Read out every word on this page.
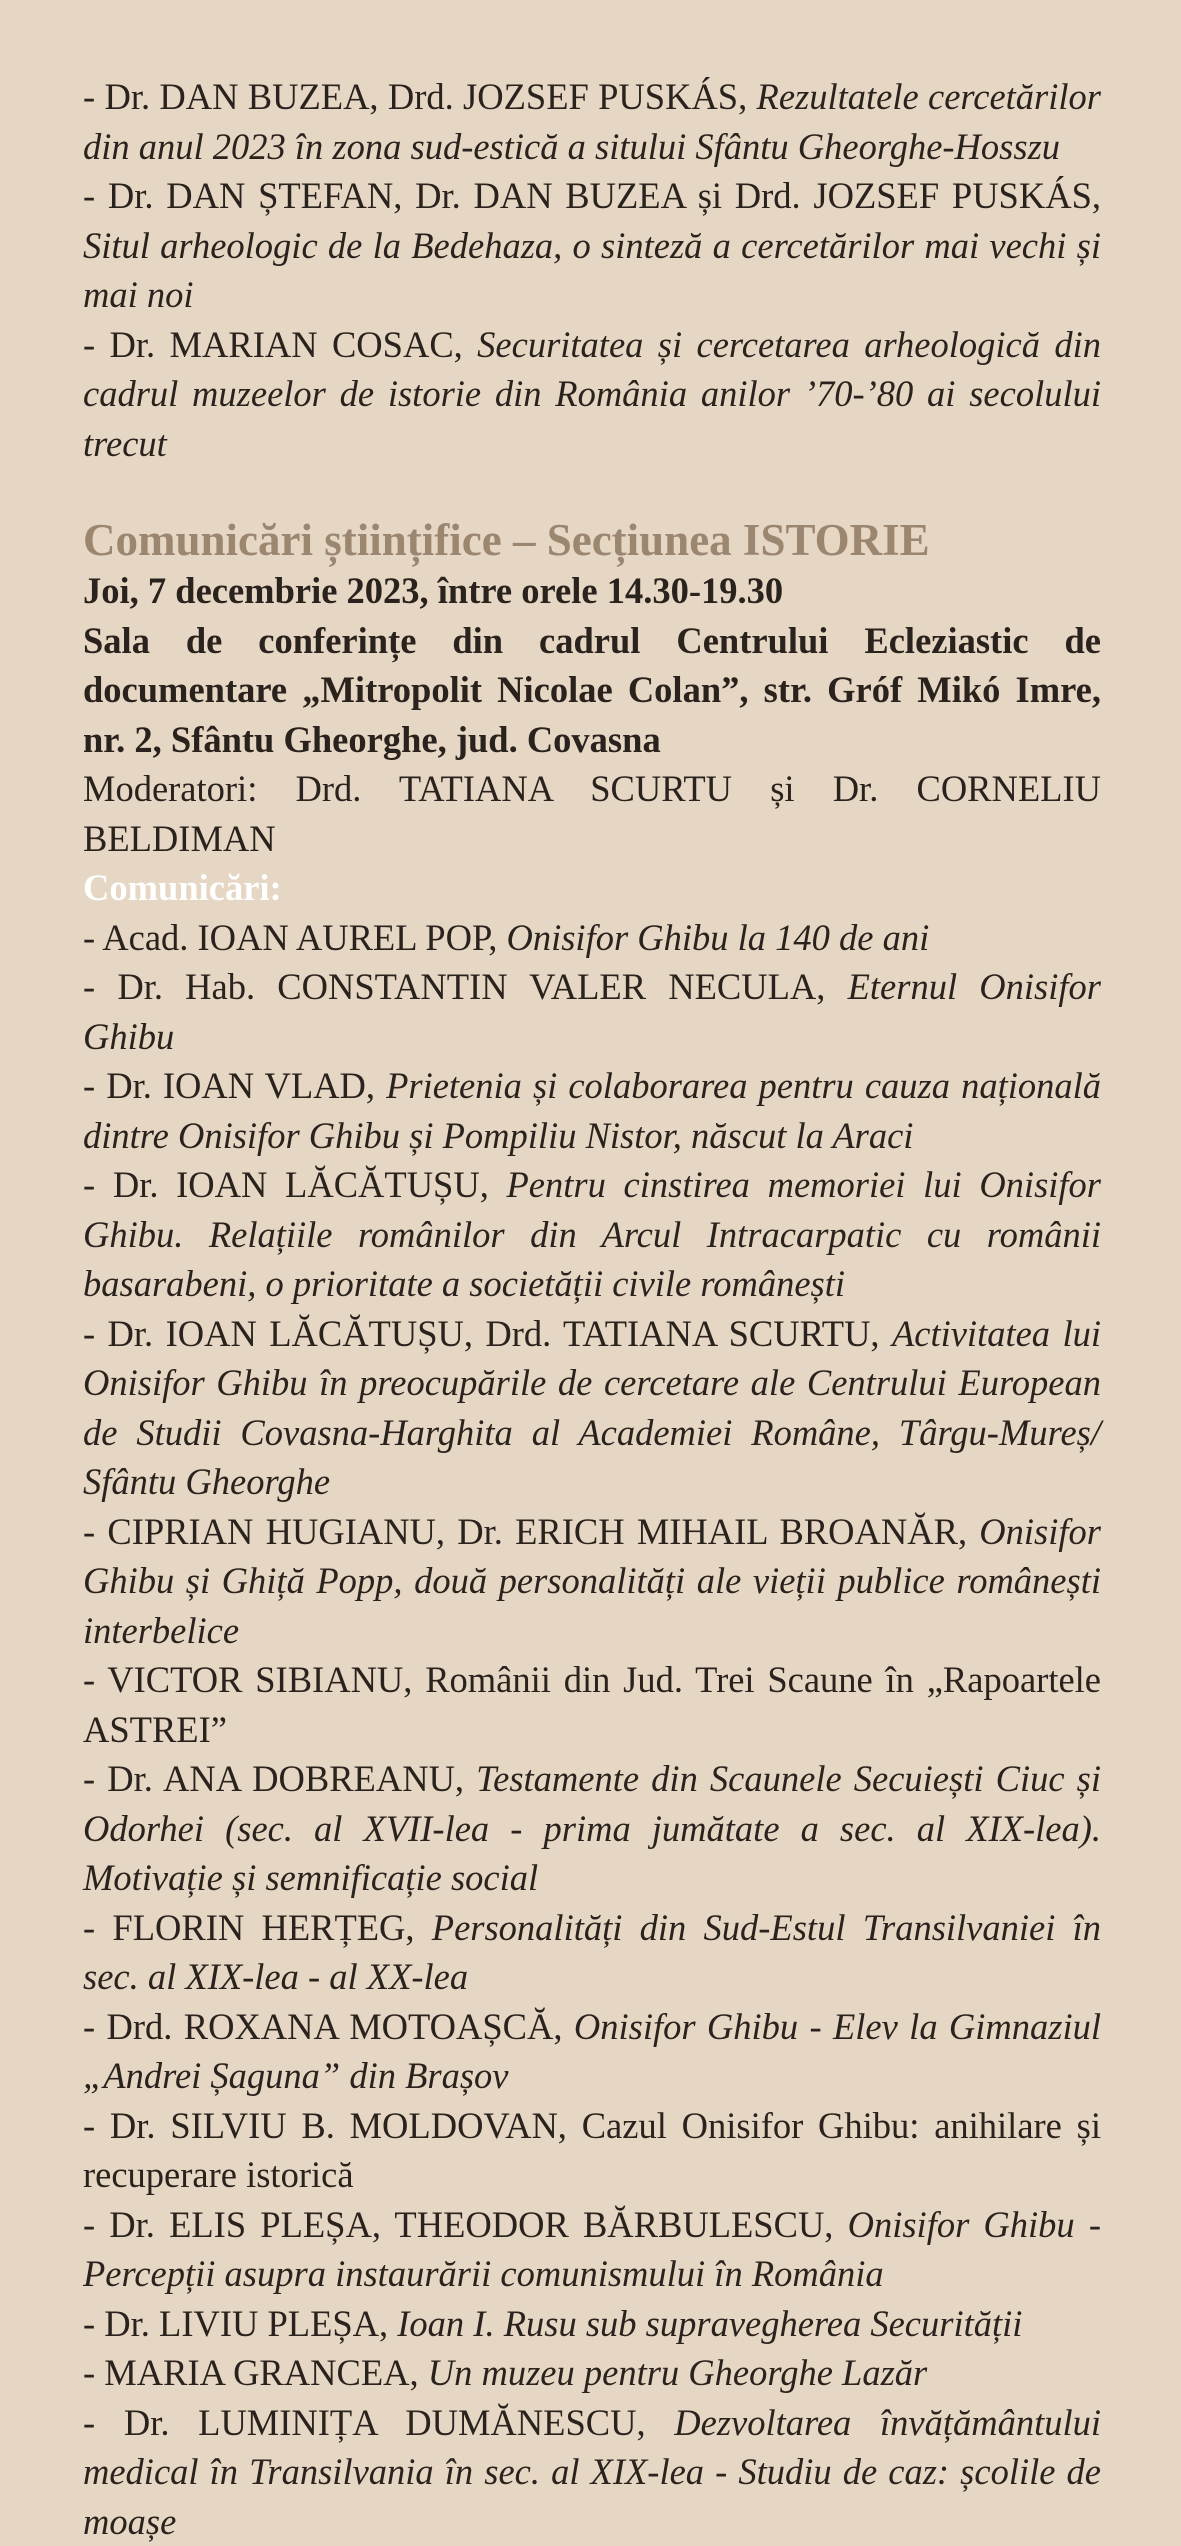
- Dr. DAN BUZEA, Drd. JOZSEF PUSKÁS, Rezultatele cercetărilor din anul 2023 în zona sud-estică a sitului Sfântu Gheorghe-Hosszu

- Dr. DAN ȘTEFAN, Dr. DAN BUZEA și Drd. JOZSEF PUSKÁS, Situl arheologic de la Bedehaza, o sinteză a cercetărilor mai vechi și mai noi

- Dr. MARIAN COSAC, Securitatea și cercetarea arheologică din cadrul muzeelor de istorie din România anilor ’70-’80 ai secolului trecut

Comunicări științifice – Secțiunea ISTORIE

Joi, 7 decembrie 2023, între orele 14.30-19.30

Sala de conferințe din cadrul Centrului Ecleziastic de documentare „Mitropolit Nicolae Colan”, str. Gróf Mikó Imre, nr. 2, Sfântu Gheorghe, jud. Covasna

Moderatori: Drd. TATIANA SCURTU și Dr. CORNELIU BELDIMAN

Comunicări:

- Acad. IOAN AUREL POP, Onisifor Ghibu la 140 de ani

- Dr. Hab. CONSTANTIN VALER NECULA, Eternul Onisifor Ghibu

- Dr. IOAN VLAD, Prietenia și colaborarea pentru cauza națională dintre Onisifor Ghibu și Pompiliu Nistor, născut la Araci

- Dr. IOAN LĂCĂTUȘU, Pentru cinstirea memoriei lui Onisifor Ghibu. Relațiile românilor din Arcul Intracarpatic cu românii basarabeni, o prioritate a societății civile românești

- Dr. IOAN LĂCĂTUȘU, Drd. TATIANA SCURTU, Activitatea lui Onisifor Ghibu în preocupările de cercetare ale Centrului European de Studii Covasna-Harghita al Academiei Române, Târgu-Mureș/ Sfântu Gheorghe

- CIPRIAN HUGIANU, Dr. ERICH MIHAIL BROANĂR, Onisifor Ghibu și Ghiță Popp, două personalități ale vieții publice românești interbelice

- VICTOR SIBIANU, Românii din Jud. Trei Scaune în „Rapoartele ASTREI”

- Dr. ANA DOBREANU, Testamente din Scaunele Secuiești Ciuc și Odorhei (sec. al XVII-lea - prima jumătate a sec. al XIX-lea). Motivație și semnificație social

- FLORIN HERȚEG, Personalități din Sud-Estul Transilvaniei în sec. al XIX-lea - al XX-lea

- Drd. ROXANA MOTOAȘCĂ, Onisifor Ghibu - Elev la Gimnaziul „Andrei Șaguna” din Brașov

- Dr. SILVIU B. MOLDOVAN, Cazul Onisifor Ghibu: anihilare și recuperare istorică

- Dr. ELIS PLEȘA, THEODOR BĂRBULESCU, Onisifor Ghibu - Percepții asupra instaurării comunismului în România

- Dr. LIVIU PLEȘA, Ioan I. Rusu sub supravegherea Securității

- MARIA GRANCEA, Un muzeu pentru Gheorghe Lazăr

- Dr. LUMINIȚA DUMĂNESCU, Dezvoltarea învățământului medical în Transilvania în sec. al XIX-lea - Studiu de caz: școlile de moașe
